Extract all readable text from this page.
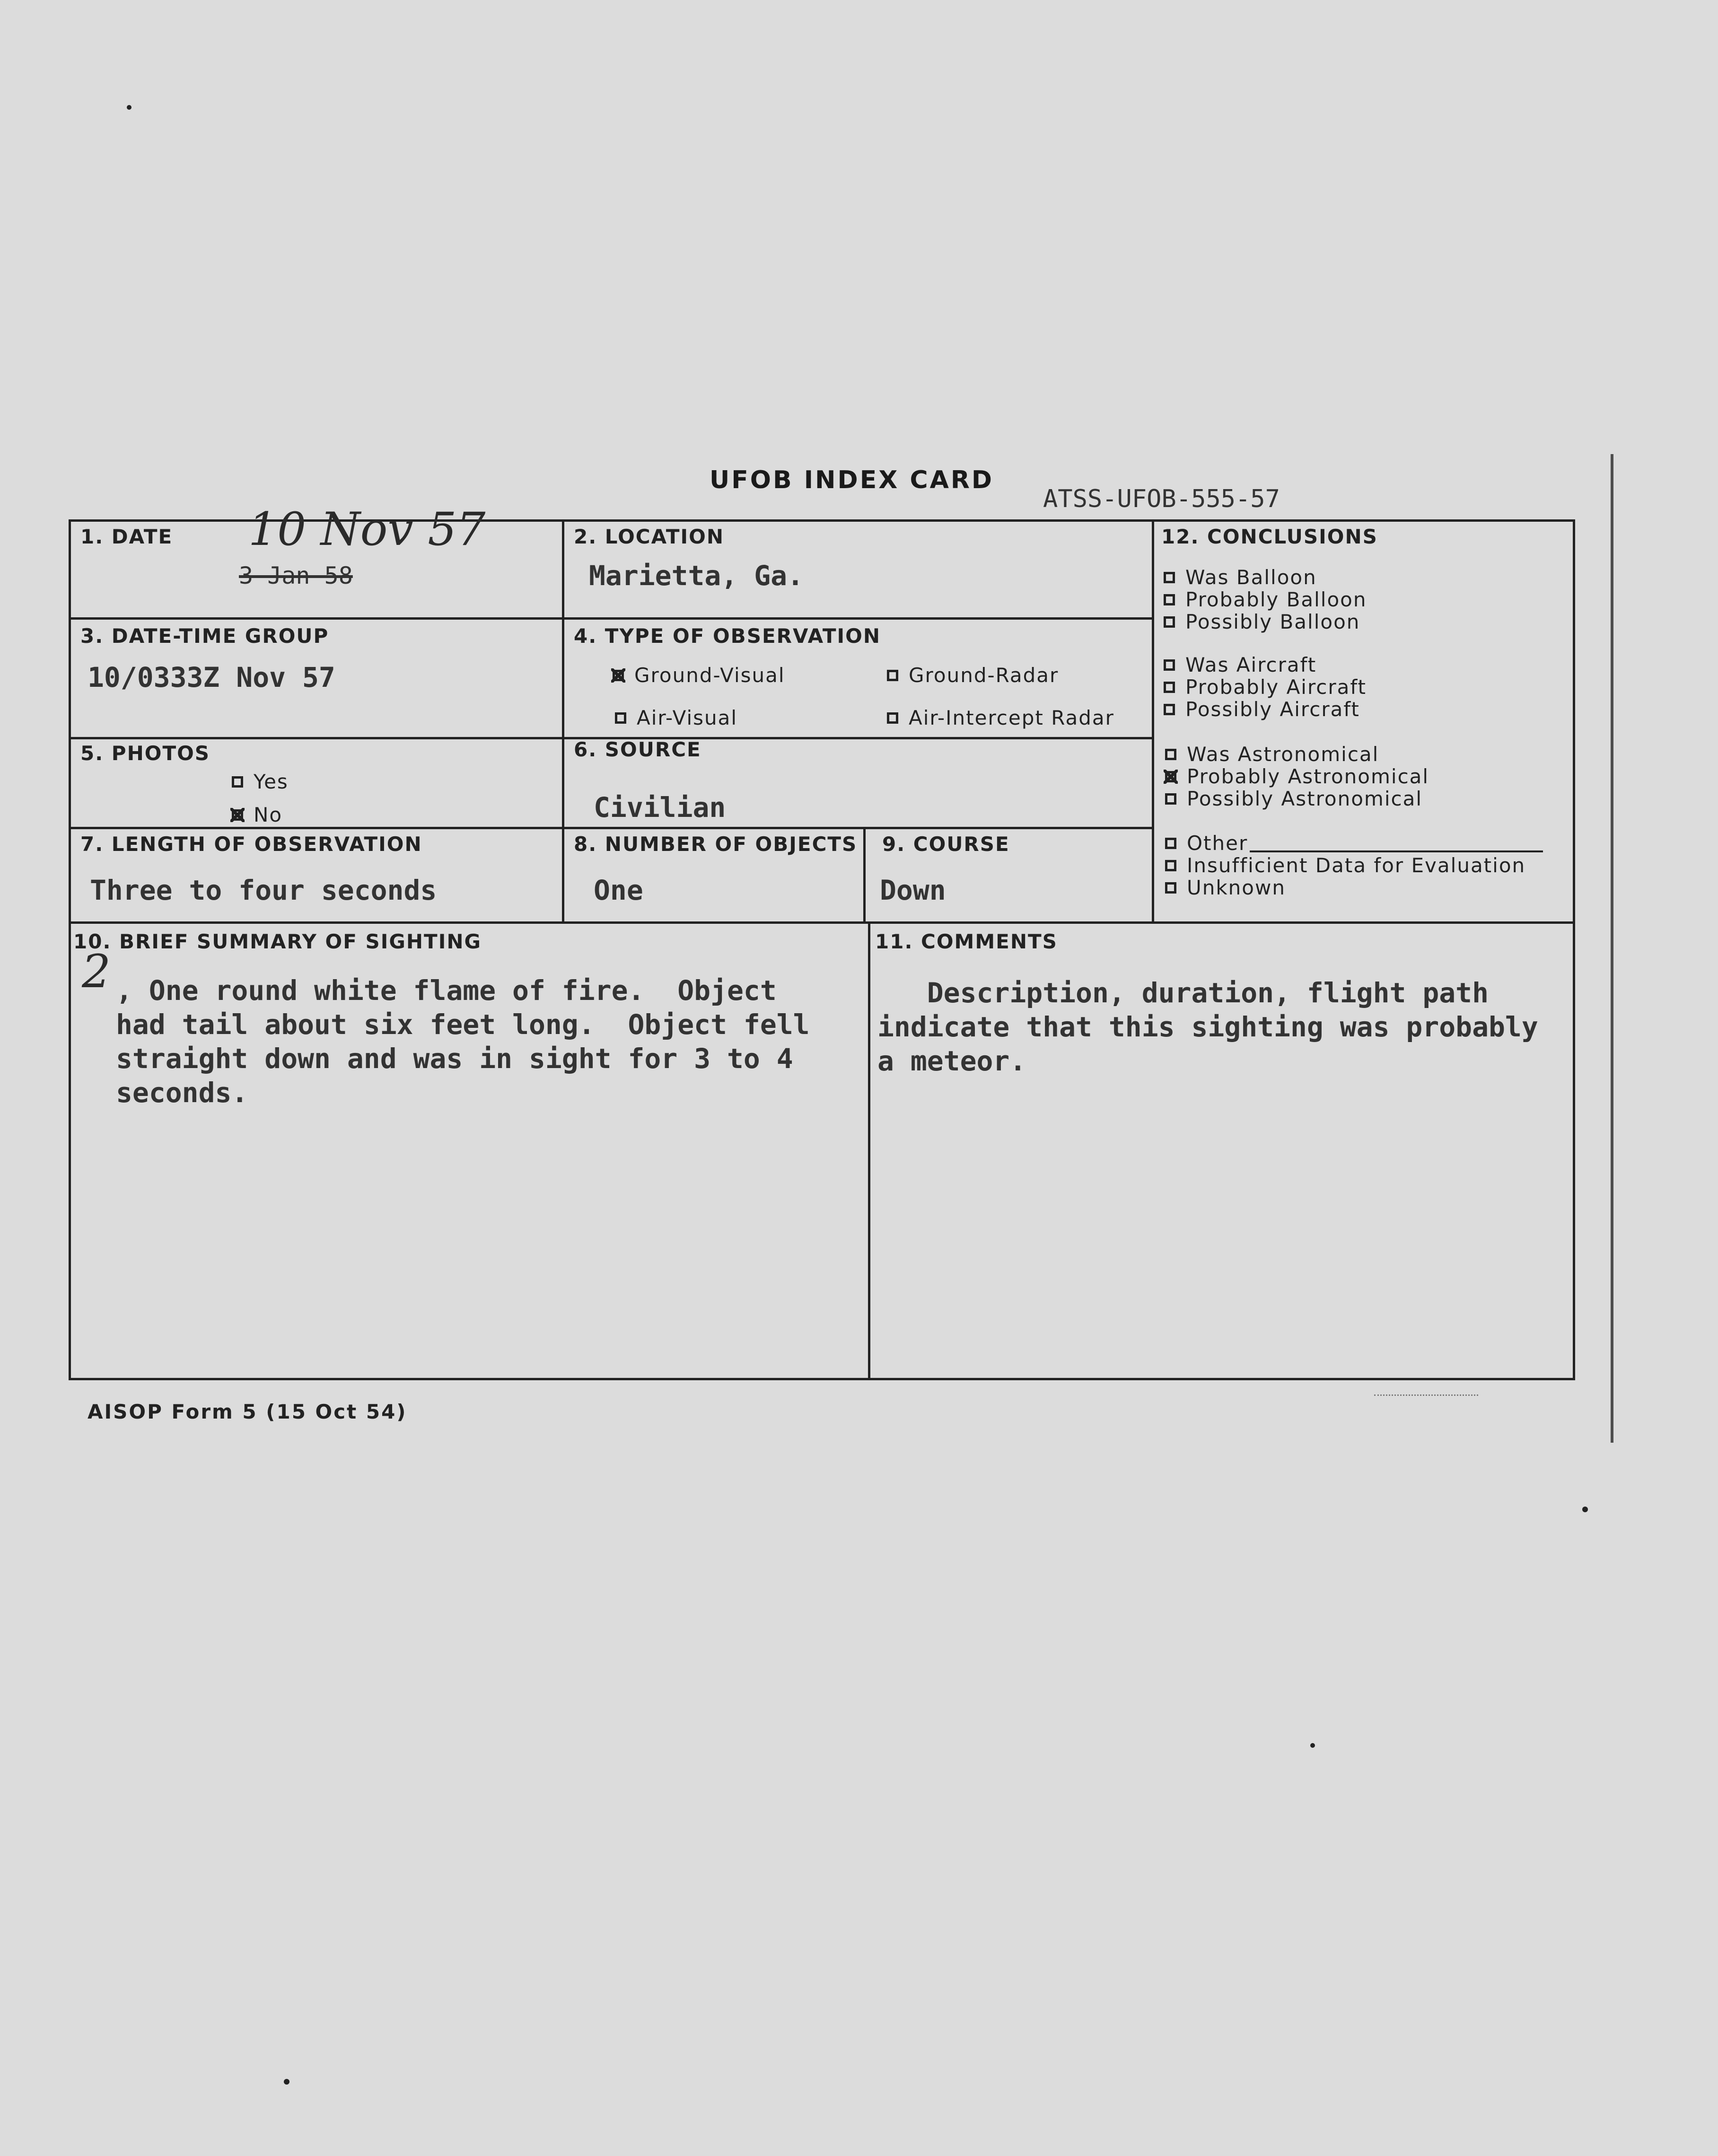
UFOB INDEX CARD
ATSS-UFOB-555-57
1. DATE 10 Nov 57
3 Jan 58
2. LOCATION
Marietta, Ga.
3. DATE-TIME GROUP
10/0333Z Nov 57
4. TYPE OF OBSERVATION
Ground-Visual	Ground-Radar
Air-Visual	Air-Intercept Radar
5. PHOTOS
Yes
No
6. SOURCE
Civilian
7. LENGTH OF OBSERVATION
Three to four seconds
8. NUMBER OF OBJECTS
One
9. COURSE
Down
12. CONCLUSIONS
Was Balloon
Probably Balloon
Possibly Balloon
Was Aircraft
Probably Aircraft
Possibly Aircraft
Was Astronomical
Probably Astronomical
Possibly Astronomical
Other
Insufficient Data for Evaluation
Unknown
10. BRIEF SUMMARY OF SIGHTING
2 , One round white flame of fire.  Object
had tail about six feet long.  Object fell
straight down and was in sight for 3 to 4
seconds.
11. COMMENTS
Description, duration, flight path
indicate that this sighting was probably
a meteor.
AISOP Form 5 (15 Oct 54)
